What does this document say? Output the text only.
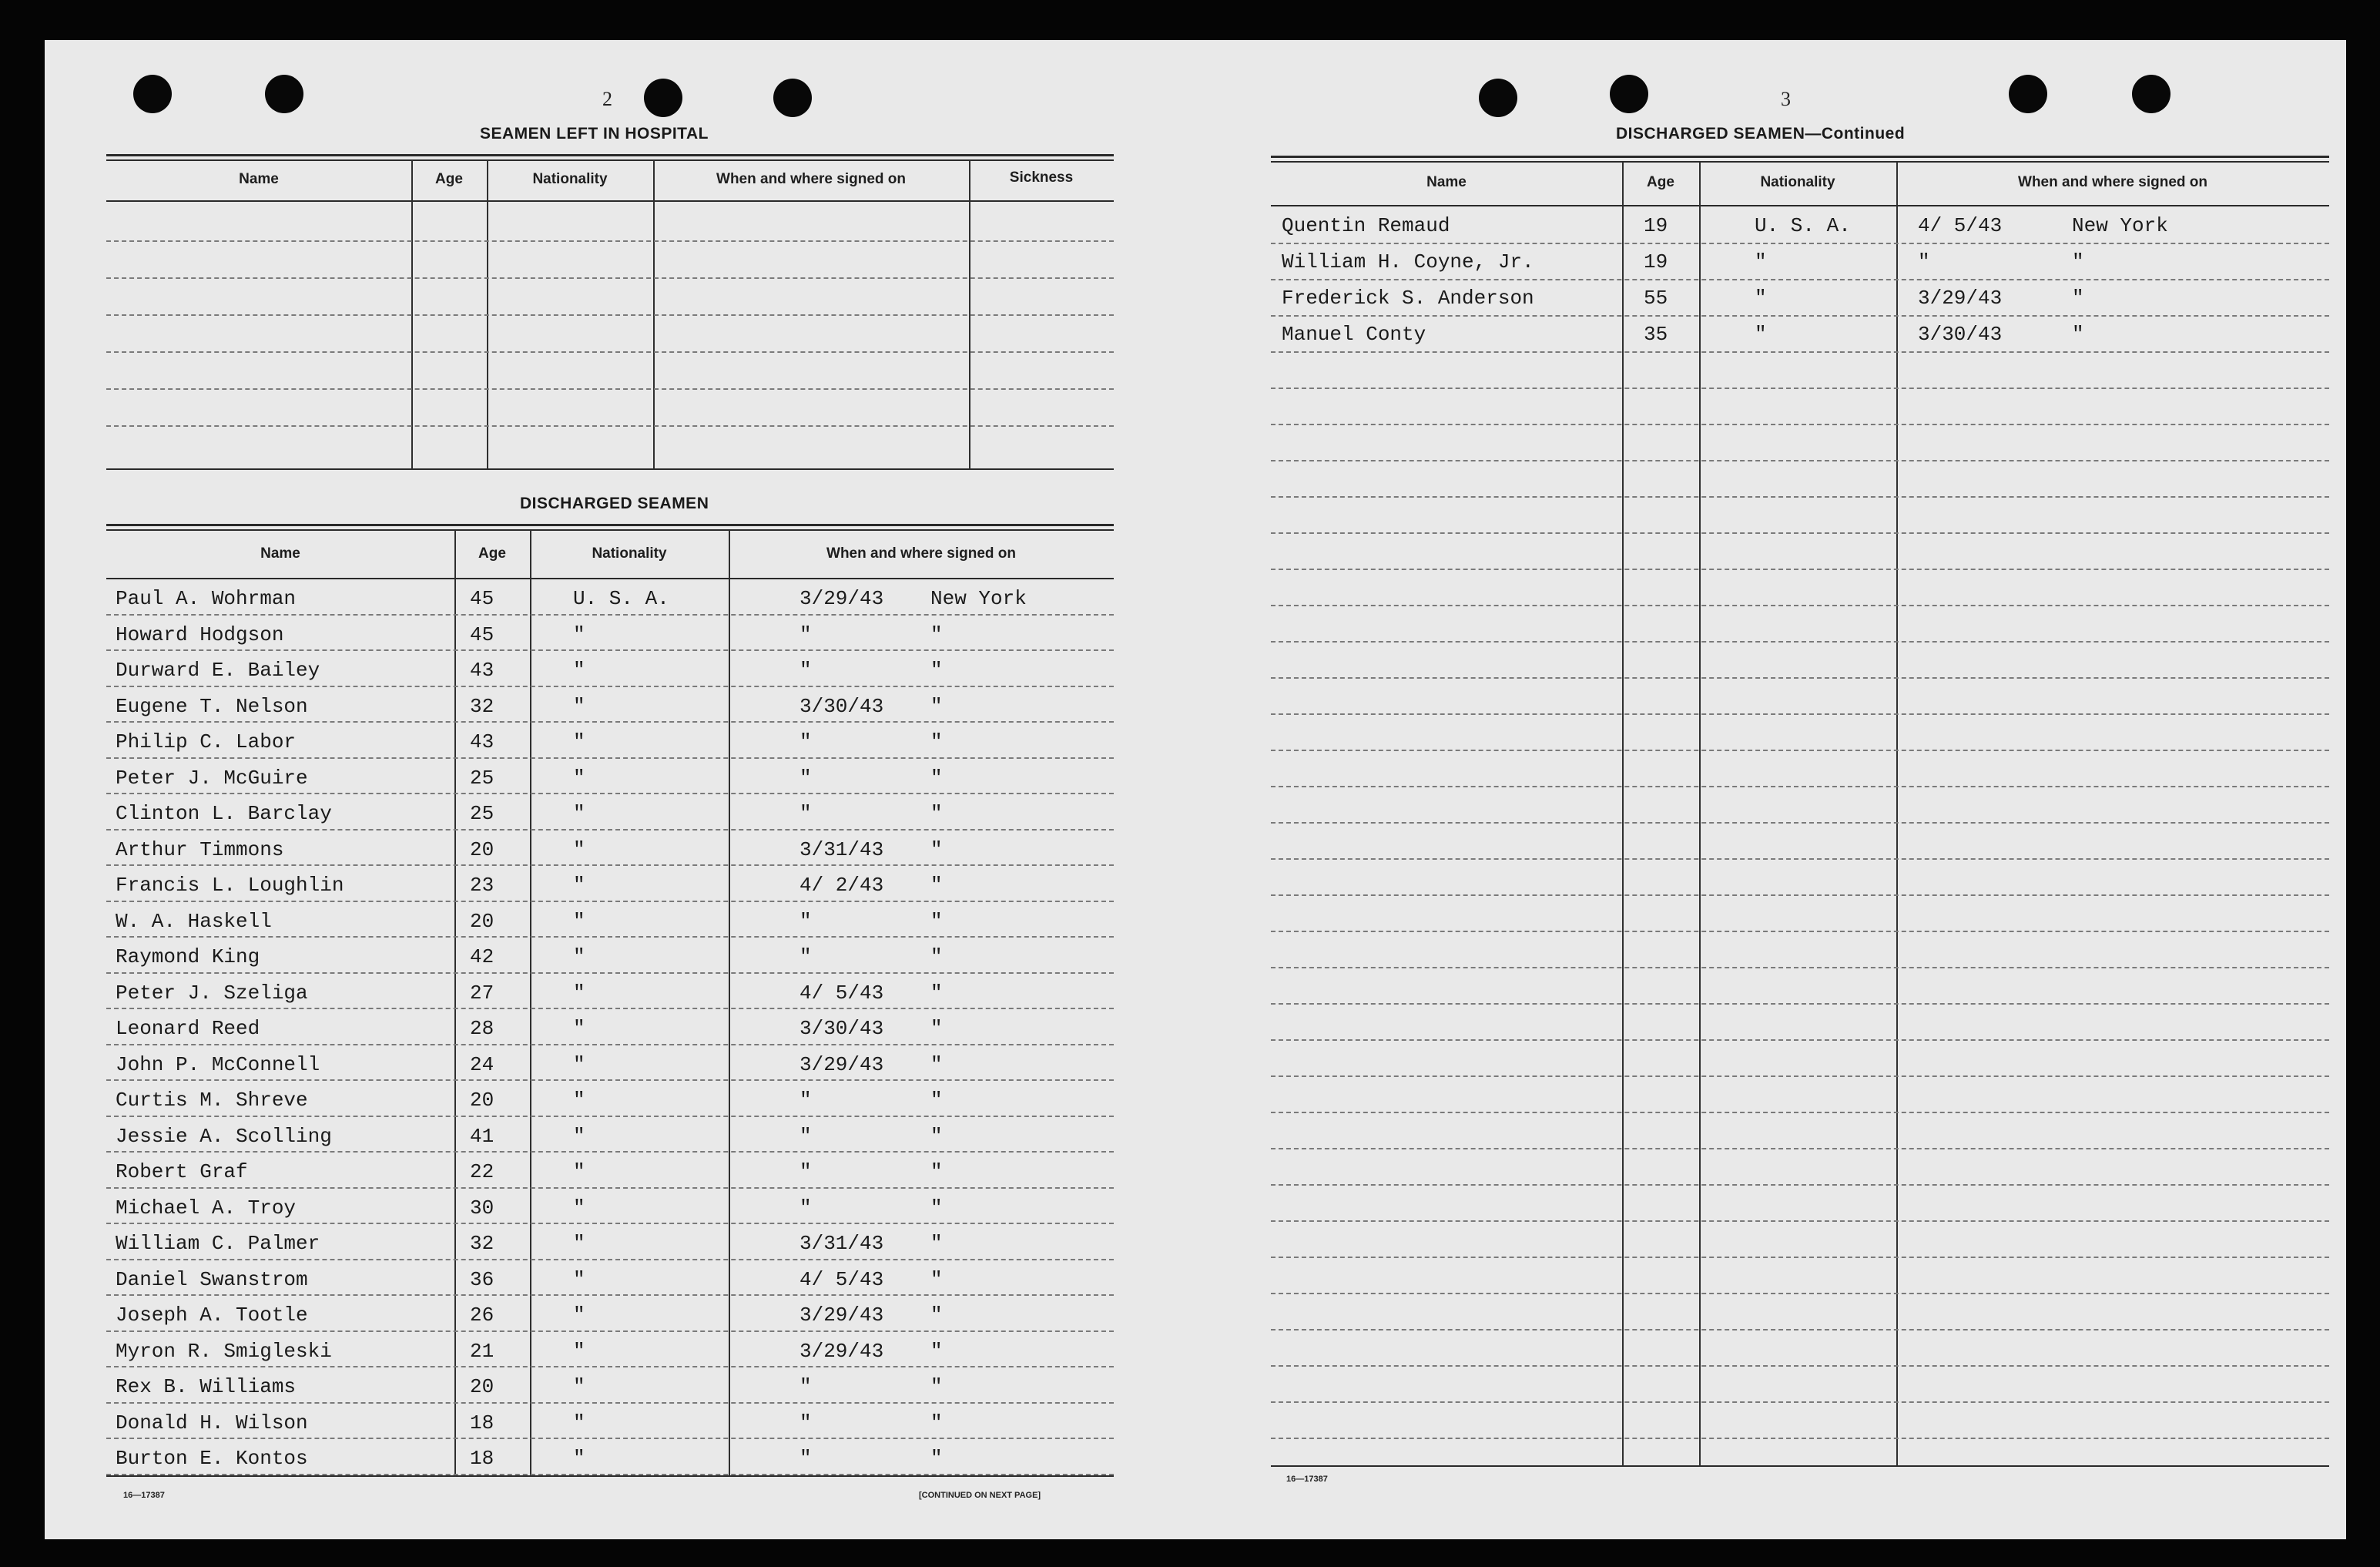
2
SEAMEN LEFT IN HOSPITAL
Name	Age	Nationality	When and where signed on	Sickness
DISCHARGED SEAMEN
Name	Age	Nationality	When and where signed on
Paul A. Wohrman	45	U. S. A.	3/29/43 New York
Howard Hodgson	45	"	"	"
Durward E. Bailey	43	"	"	"
Eugene T. Nelson	32	"	3/30/43 "
Philip C. Labor	43	"	"	"
Peter J. McGuire	25	"	"	"
Clinton L. Barclay	25	"	"	"
Arthur Timmons	20	"	3/31/43 "
Francis L. Loughlin	23	"	4/ 2/43 "
W. A. Haskell	20	"	"	"
Raymond King	42	"	"	"
Peter J. Szeliga	27	"	4/ 5/43 "
Leonard Reed	28	"	3/30/43 "
John P. McConnell	24	"	3/29/43 "
Curtis M. Shreve	20	"	"	"
Jessie A. Scolling	41	"	"	"
Robert Graf	22	"	"	"
Michael A. Troy	30	"	"	"
William C. Palmer	32	"	3/31/43 "
Daniel Swanstrom	36	"	4/ 5/43 "
Joseph A. Tootle	26	"	3/29/43 "
Myron R. Smigleski	21	"	3/29/43 "
Rex B. Williams	20	"	"	"
Donald H. Wilson	18	"	"	"
Burton E. Kontos	18	"	"	"
16—17387	[CONTINUED ON NEXT PAGE]
3
DISCHARGED SEAMEN—Continued
Name	Age	Nationality	When and where signed on
Quentin Remaud	19	U. S. A.	4/ 5/43	New York
William H. Coyne, Jr.	19	"	"	"
Frederick S. Anderson	55	"	3/29/43	"
Manuel Conty	35	"	3/30/43	"
16—17387
